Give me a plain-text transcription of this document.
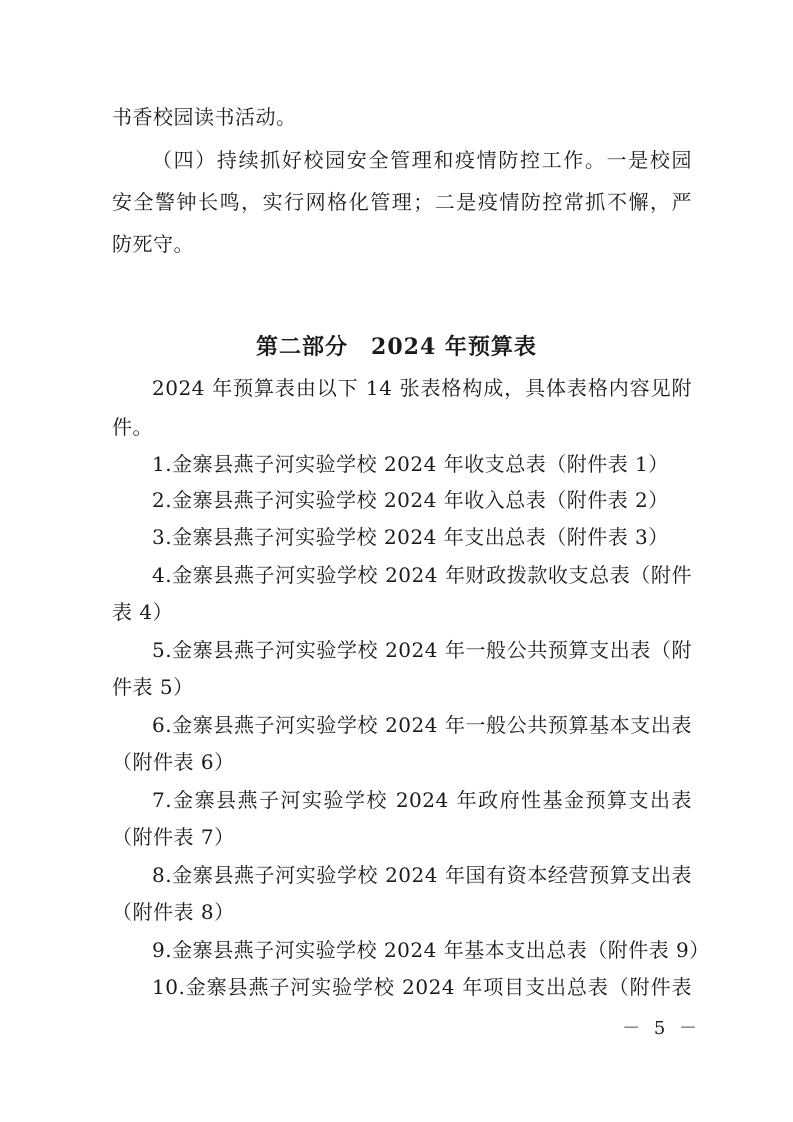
书香校园读书活动。
（四）持续抓好校园安全管理和疫情防控工作。一是校园
安全警钟长鸣，实行网格化管理；二是疫情防控常抓不懈，严
防死守。
第二部分　2024 年预算表
2024 年预算表由以下 14 张表格构成，具体表格内容见附
件。
1.金寨县燕子河实验学校 2024 年收支总表（附件表 1）
2.金寨县燕子河实验学校 2024 年收入总表（附件表 2）
3.金寨县燕子河实验学校 2024 年支出总表（附件表 3）
4.金寨县燕子河实验学校 2024 年财政拨款收支总表（附件
表 4）
5.金寨县燕子河实验学校 2024 年一般公共预算支出表（附
件表 5）
6.金寨县燕子河实验学校 2024 年一般公共预算基本支出表
（附件表 6）
7.金寨县燕子河实验学校 2024 年政府性基金预算支出表
（附件表 7）
8.金寨县燕子河实验学校 2024 年国有资本经营预算支出表
（附件表 8）
9.金寨县燕子河实验学校 2024 年基本支出总表（附件表 9）
10.金寨县燕子河实验学校 2024 年项目支出总表（附件表
－ 5 －
